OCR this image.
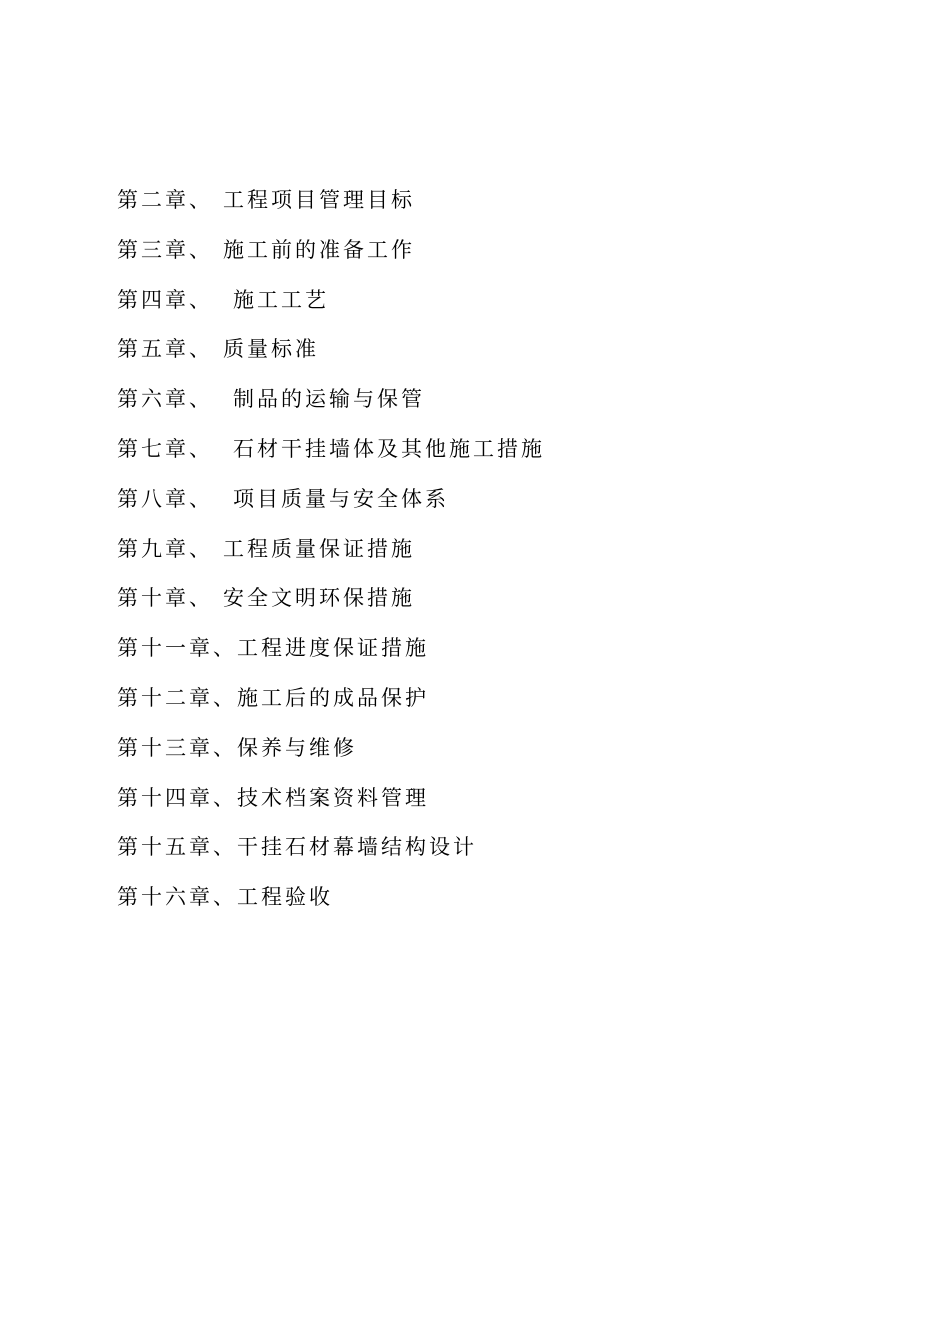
第二章、 工程项目管理目标
第三章、 施工前的准备工作
第四章、 施工工艺
第五章、 质量标准
第六章、 制品的运输与保管
第七章、 石材干挂墙体及其他施工措施
第八章、 项目质量与安全体系
第九章、 工程质量保证措施
第十章、 安全文明环保措施
第十一章、工程进度保证措施
第十二章、施工后的成品保护
第十三章、保养与维修
第十四章、技术档案资料管理
第十五章、干挂石材幕墙结构设计
第十六章、工程验收
